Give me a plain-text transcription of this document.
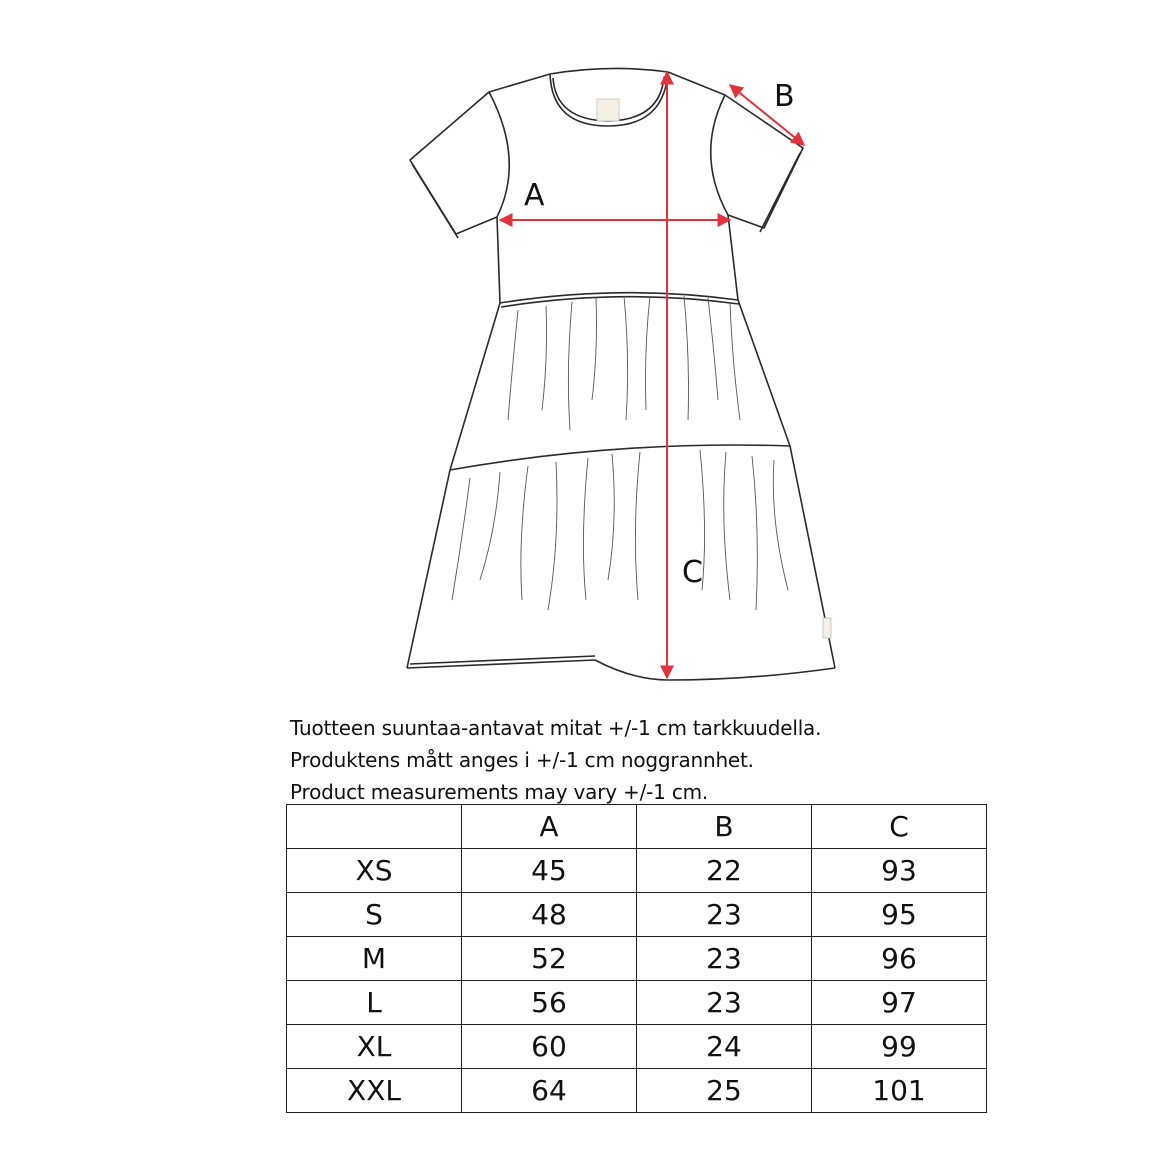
A
B
C
Tuotteen suuntaa-antavat mitat +/-1 cm tarkkuudella.
Produktens mått anges i +/-1 cm noggrannhet.
Product measurements may vary +/-1 cm.
	A	B	C
XS	45	22	93
S	48	23	95
M	52	23	96
L	56	23	97
XL	60	24	99
XXL	64	25	101
